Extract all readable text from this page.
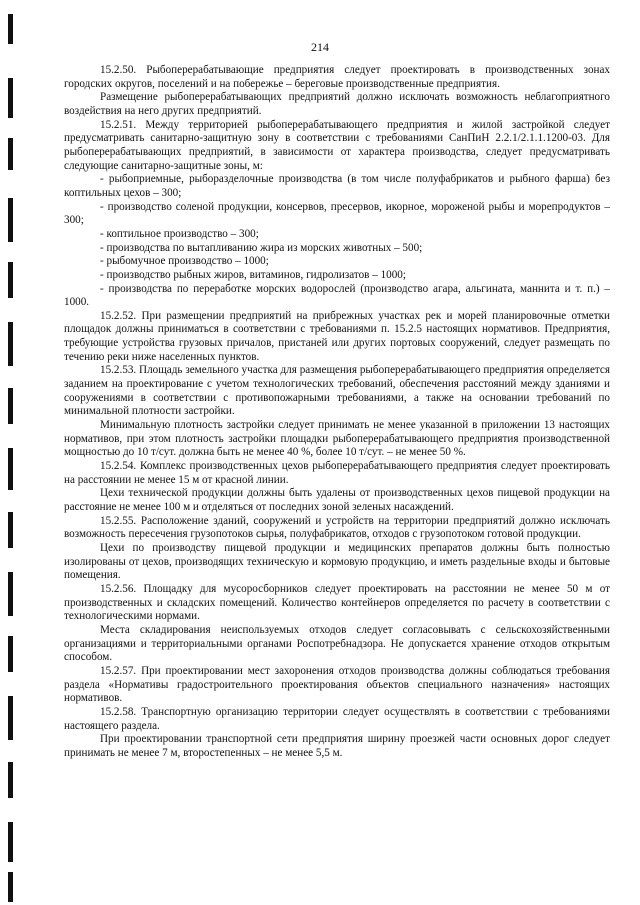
214

15.2.50. Рыбоперерабатывающие предприятия следует проектировать в производственных зонах городских округов, поселений и на побережье – береговые производственные предприятия.

Размещение рыбоперерабатывающих предприятий должно исключать возможность неблагоприятного воздействия на него других предприятий.

15.2.51. Между территорией рыбоперерабатывающего предприятия и жилой застройкой следует предусматривать санитарно-защитную зону в соответствии с требованиями СанПиН 2.2.1/2.1.1.1200-03. Для рыбоперерабатывающих предприятий, в зависимости от характера производства, следует предусматривать следующие санитарно-защитные зоны, м:

- рыбоприемные, рыборазделочные производства (в том числе полуфабрикатов и рыбного фарша) без коптильных цехов – 300;

- производство соленой продукции, консервов, пресервов, икорное, мороженой рыбы и морепродуктов – 300;

- коптильное производство – 300;

- производства по вытапливанию жира из морских животных – 500;

- рыбомучное производство – 1000;

- производство рыбных жиров, витаминов, гидролизатов – 1000;

- производства по переработке морских водорослей (производство агара, альгината, маннита и т. п.) – 1000.

15.2.52. При размещении предприятий на прибрежных участках рек и морей планировочные отметки площадок должны приниматься в соответствии с требованиями п. 15.2.5 настоящих нормативов. Предприятия, требующие устройства грузовых причалов, пристаней или других портовых сооружений, следует размещать по течению реки ниже населенных пунктов.

15.2.53. Площадь земельного участка для размещения рыбоперерабатывающего предприятия определяется заданием на проектирование с учетом технологических требований, обеспечения расстояний между зданиями и сооружениями в соответствии с противопожарными требованиями, а также на основании требований по минимальной плотности застройки.

Минимальную плотность застройки следует принимать не менее указанной в приложении 13 настоящих нормативов, при этом плотность застройки площадки рыбоперерабатывающего предприятия производственной мощностью до 10 т/сут. должна быть не менее 40 %, более 10 т/сут. – не менее 50 %.

15.2.54. Комплекс производственных цехов рыбоперерабатывающего предприятия следует проектировать на расстоянии не менее 15 м от красной линии.

Цехи технической продукции должны быть удалены от производственных цехов пищевой продукции на расстояние не менее 100 м и отделяться от последних зоной зеленых насаждений.

15.2.55. Расположение зданий, сооружений и устройств на территории предприятий должно исключать возможность пересечения грузопотоков сырья, полуфабрикатов, отходов с грузопотоком готовой продукции.

Цехи по производству пищевой продукции и медицинских препаратов должны быть полностью изолированы от цехов, производящих техническую и кормовую продукцию, и иметь раздельные входы и бытовые помещения.

15.2.56. Площадку для мусоросборников следует проектировать на расстоянии не менее 50 м от производственных и складских помещений. Количество контейнеров определяется по расчету в соответствии с технологическими нормами.

Места складирования неиспользуемых отходов следует согласовывать с сельскохозяйственными организациями и территориальными органами Роспотребнадзора. Не допускается хранение отходов открытым способом.

15.2.57. При проектировании мест захоронения отходов производства должны соблюдаться требования раздела «Нормативы градостроительного проектирования объектов специального назначения» настоящих нормативов.

15.2.58. Транспортную организацию территории следует осуществлять в соответствии с требованиями настоящего раздела.

При проектировании транспортной сети предприятия ширину проезжей части основных дорог следует принимать не менее 7 м, второстепенных – не менее 5,5 м.
